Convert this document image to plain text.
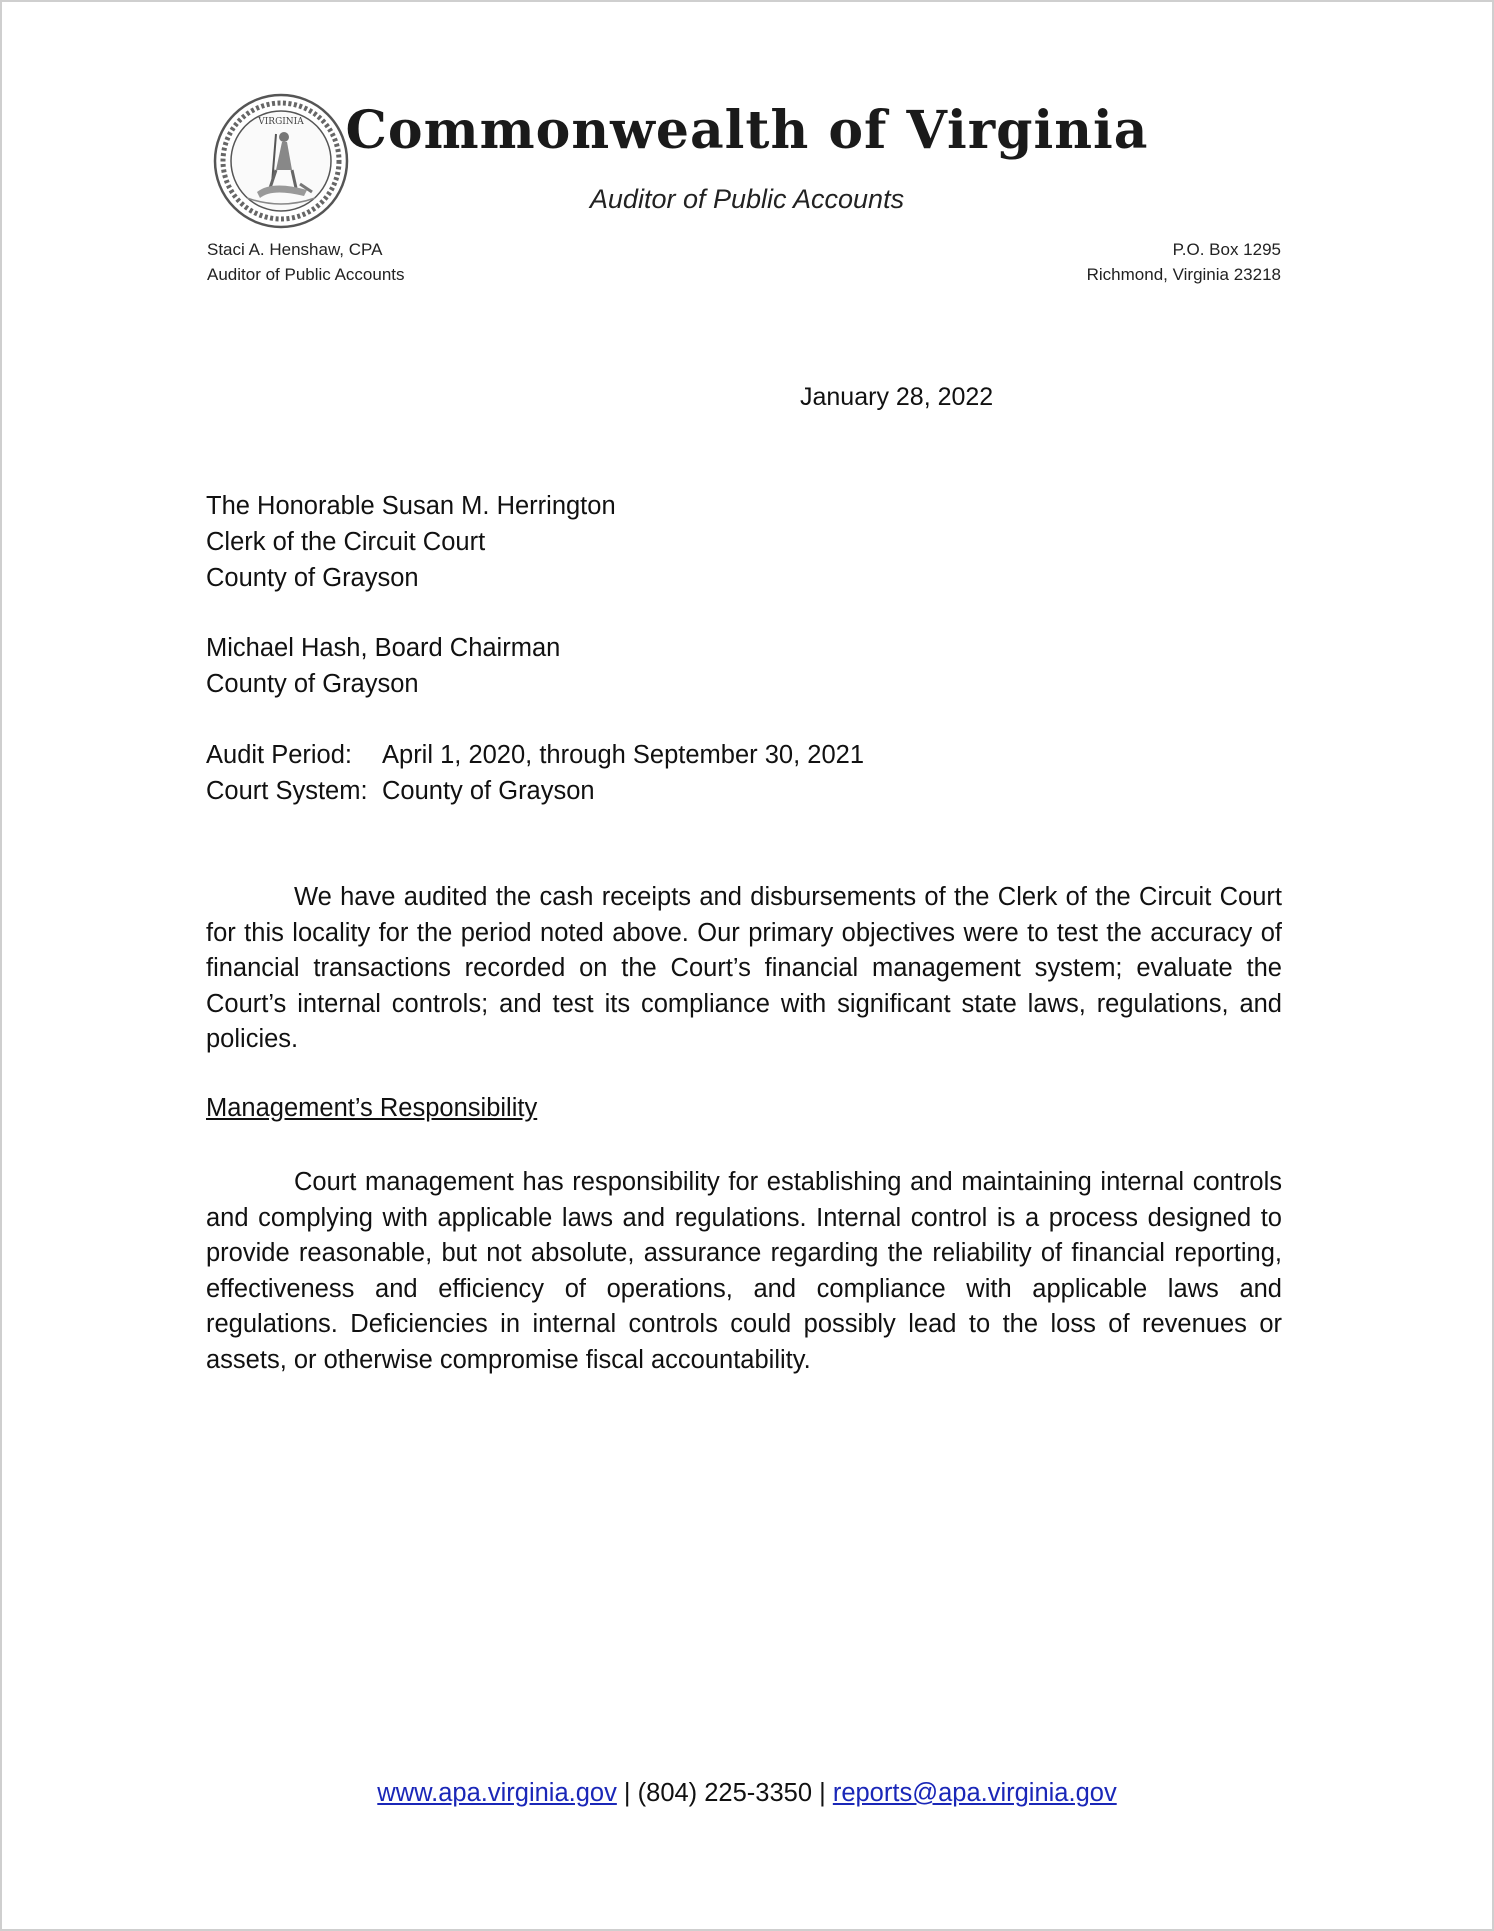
VIRGINIA Commonwealth of Virginia
Auditor of Public Accounts
Staci A. Henshaw, CPA
Auditor of Public Accounts
P.O. Box 1295
Richmond, Virginia 23218
January 28, 2022
The Honorable Susan M. Herrington
Clerk of the Circuit Court
County of Grayson
Michael Hash, Board Chairman
County of Grayson
Audit Period:	April 1, 2020, through September 30, 2021
Court System: County of Grayson
We have audited the cash receipts and disbursements of the Clerk of the Circuit Court for this locality for the period noted above. Our primary objectives were to test the accuracy of financial transactions recorded on the Court’s financial management system; evaluate the Court’s internal controls; and test its compliance with significant state laws, regulations, and policies.
Management’s Responsibility
Court management has responsibility for establishing and maintaining internal controls and complying with applicable laws and regulations. Internal control is a process designed to provide reasonable, but not absolute, assurance regarding the reliability of financial reporting, effectiveness and efficiency of operations, and compliance with applicable laws and regulations. Deficiencies in internal controls could possibly lead to the loss of revenues or assets, or otherwise compromise fiscal accountability.
www.apa.virginia.gov | (804) 225-3350 | reports@apa.virginia.gov
